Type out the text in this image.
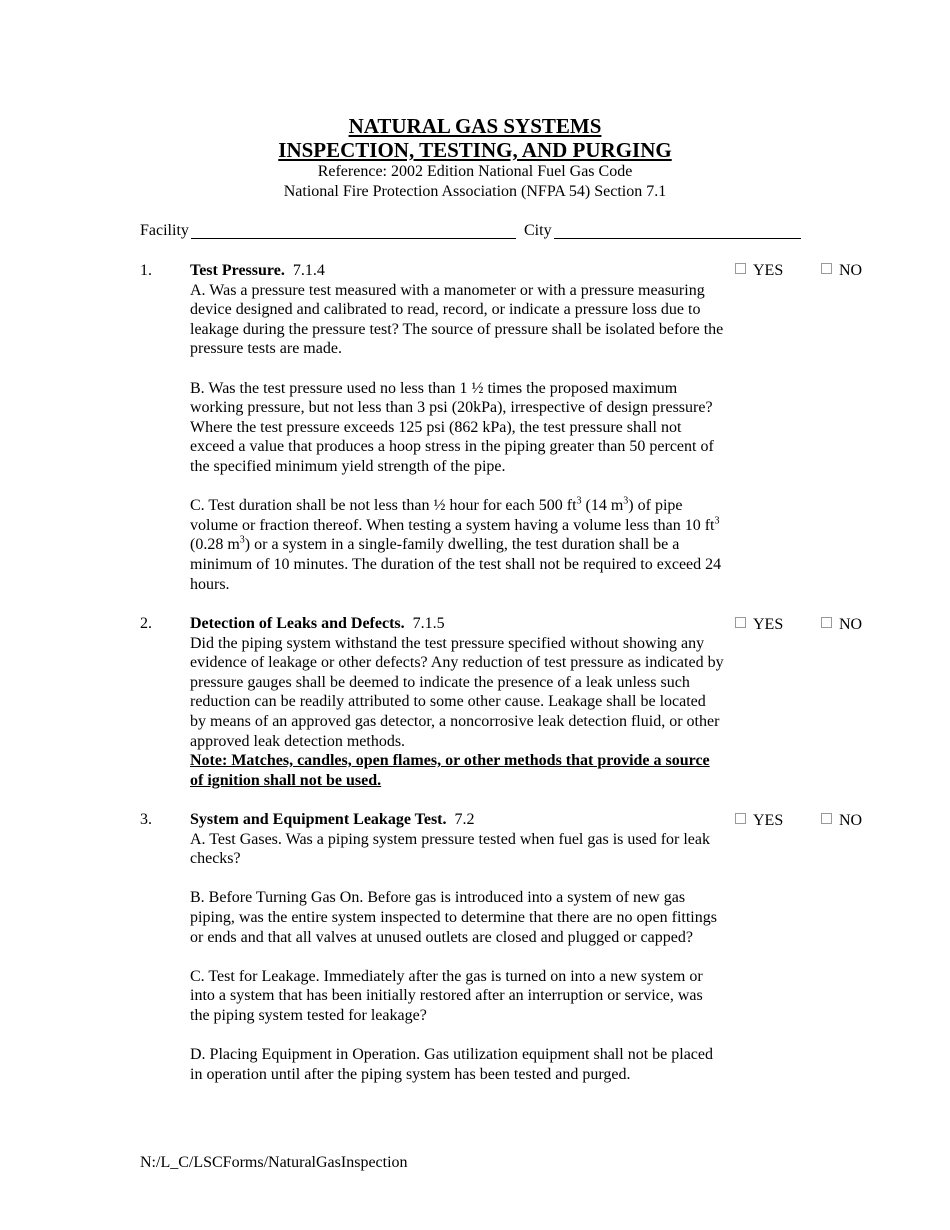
NATURAL GAS SYSTEMS
INSPECTION, TESTING, AND PURGING
Reference: 2002 Edition National Fuel Gas Code
National Fire Protection Association (NFPA 54) Section 7.1
Facility	City
1. Test Pressure. 7.1.4

A. Was a pressure test measured with a manometer or with a pressure measuring device designed and calibrated to read, record, or indicate a pressure loss due to leakage during the pressure test? The source of pressure shall be isolated before the pressure tests are made.

B. Was the test pressure used no less than 1 ½ times the proposed maximum working pressure, but not less than 3 psi (20kPa), irrespective of design pressure? Where the test pressure exceeds 125 psi (862 kPa), the test pressure shall not exceed a value that produces a hoop stress in the piping greater than 50 percent of the specified minimum yield strength of the pipe.

C. Test duration shall be not less than ½ hour for each 500 $ft^3$ (14 $m^3$) of pipe volume or fraction thereof. When testing a system having a volume less than 10 $ft^3$ (0.28 $m^3$) or a system in a single-family dwelling, the test duration shall be a minimum of 10 minutes. The duration of the test shall not be required to exceed 24 hours.

YES	NO
2. Detection of Leaks and Defects. 7.1.5

Did the piping system withstand the test pressure specified without showing any evidence of leakage or other defects? Any reduction of test pressure as indicated by pressure gauges shall be deemed to indicate the presence of a leak unless such reduction can be readily attributed to some other cause. Leakage shall be located by means of an approved gas detector, a noncorrosive leak detection fluid, or other approved leak detection methods.

Note: Matches, candles, open flames, or other methods that provide a source of ignition shall not be used.

YES	NO
3. System and Equipment Leakage Test. 7.2

A. Test Gases. Was a piping system pressure tested when fuel gas is used for leak checks?

B. Before Turning Gas On. Before gas is introduced into a system of new gas piping, was the entire system inspected to determine that there are no open fittings or ends and that all valves at unused outlets are closed and plugged or capped?

C. Test for Leakage. Immediately after the gas is turned on into a new system or into a system that has been initially restored after an interruption or service, was the piping system tested for leakage?

D. Placing Equipment in Operation. Gas utilization equipment shall not be placed in operation until after the piping system has been tested and purged.

YES	NO
N:/L_C/LSCForms/NaturalGasInspection
